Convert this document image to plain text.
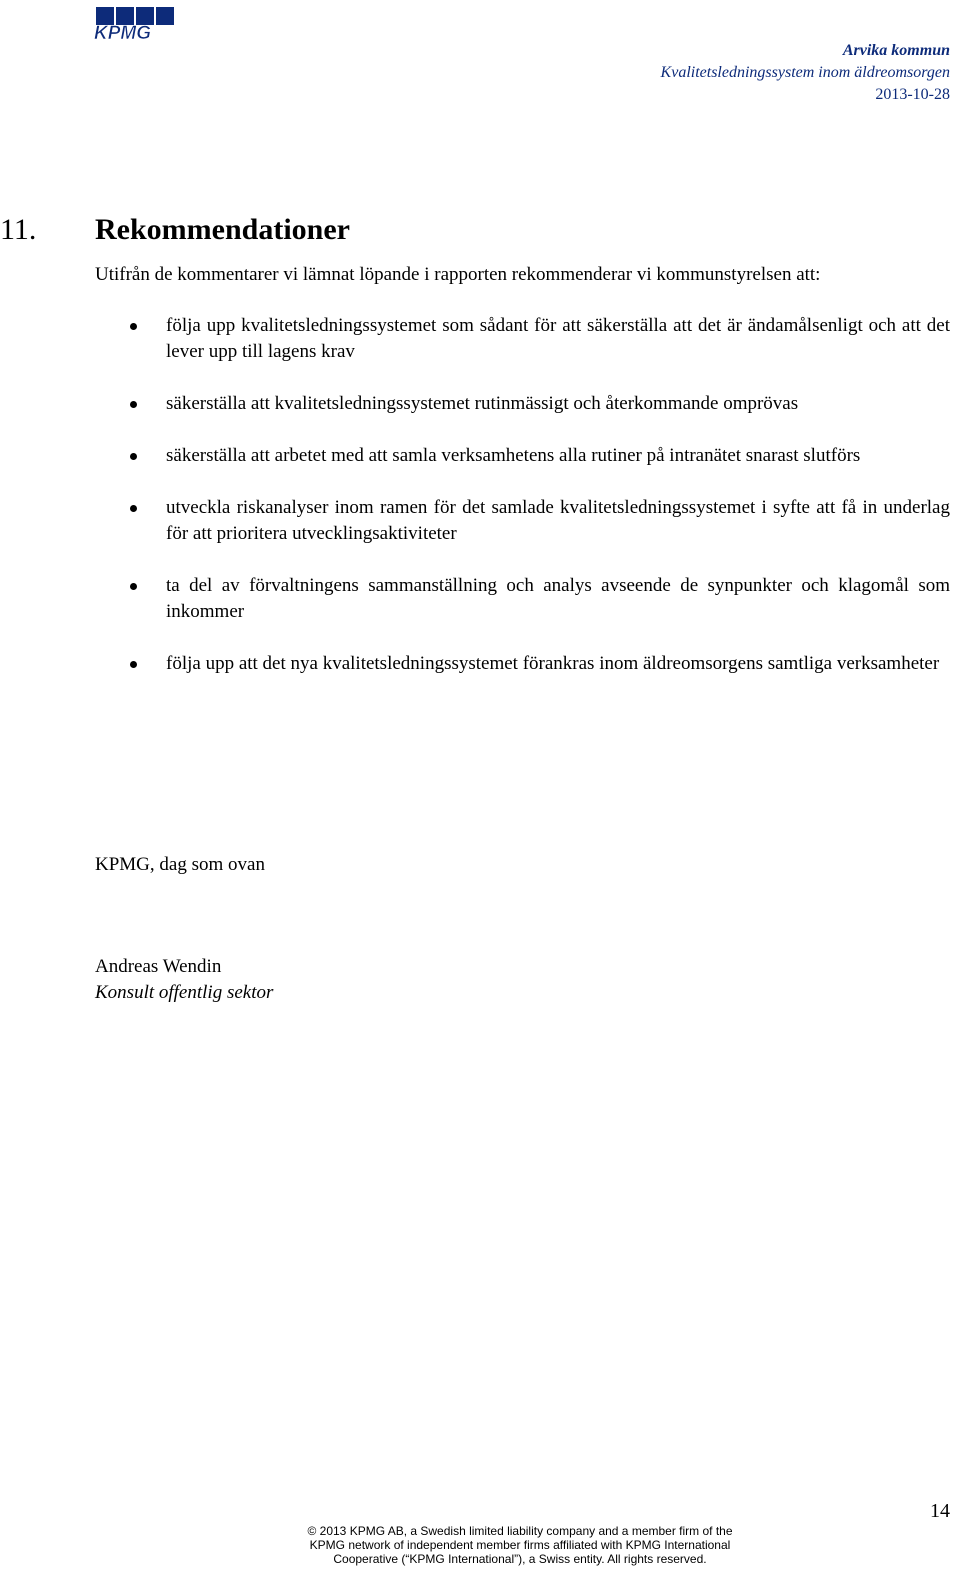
KPMG
Arvika kommun
Kvalitetsledningssystem inom äldreomsorgen
2013-10-28
11. Rekommendationer
Utifrån de kommentarer vi lämnat löpande i rapporten rekommenderar vi kommunstyrelsen att:
följa upp kvalitetsledningssystemet som sådant för att säkerställa att det är ändamålsenligt och att det lever upp till lagens krav
säkerställa att kvalitetsledningssystemet rutinmässigt och återkommande omprövas
säkerställa att arbetet med att samla verksamhetens alla rutiner på intranätet snarast slutförs
utveckla riskanalyser inom ramen för det samlade kvalitetsledningssystemet i syfte att få in underlag för att prioritera utvecklingsaktiviteter
ta del av förvaltningens sammanställning och analys avseende de synpunkter och klagomål som inkommer
följa upp att det nya kvalitetsledningssystemet förankras inom äldreomsorgens samtliga verksamheter
KPMG, dag som ovan
Andreas Wendin
Konsult offentlig sektor
14
© 2013 KPMG AB, a Swedish limited liability company and a member firm of the
KPMG network of independent member firms affiliated with KPMG International
Cooperative (“KPMG International”), a Swiss entity. All rights reserved.
